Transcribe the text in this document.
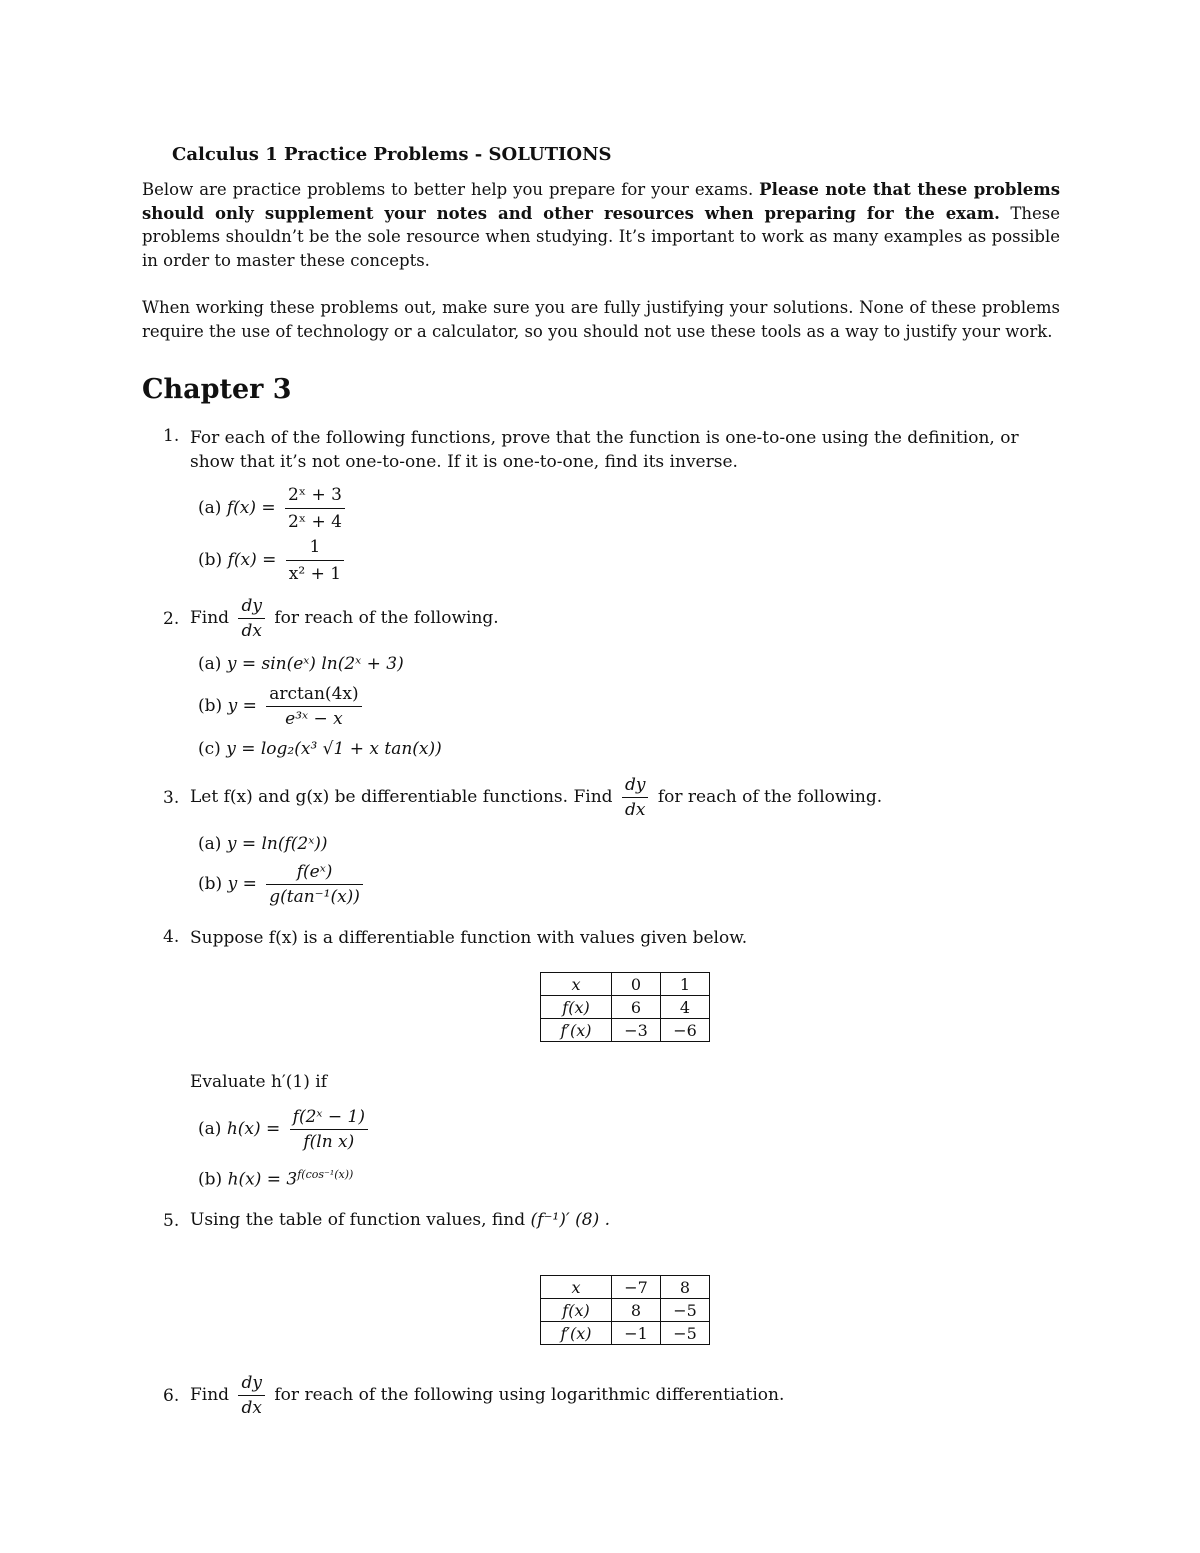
Calculus 1 Practice Problems - SOLUTIONS
Below are practice problems to better help you prepare for your exams. Please note that these problems should only supplement your notes and other resources when preparing for the exam. These problems shouldn’t be the sole resource when studying. It’s important to work as many examples as possible in order to master these concepts.
When working these problems out, make sure you are fully justifying your solutions. None of these problems require the use of technology or a calculator, so you should not use these tools as a way to justify your work.
Chapter 3
1. For each of the following functions, prove that the function is one-to-one using the definition, or show that it’s not one-to-one. If it is one-to-one, find its inverse.
(a) $f(x) = \frac{\text{2ˣ + 3}}{\text{2ˣ + 4}}$
(b) $f(x) = \frac{1}{\text{x² + 1}}$
2. Find $\frac{dy}{dx}$ for reach of the following.
(a) y = sin(eˣ) ln(2ˣ + 3)
(b) $y = \frac{\arctan(4x)}{\text{e³ˣ − x}}$
(c) y = log₂(x³ √1 + x tan(x))
3. Let f(x) and g(x) be differentiable functions. Find $\frac{dy}{dx}$ for reach of the following.
(a) y = ln(f(2ˣ))
(b) $y = \frac{\text{f(eˣ)}}{\text{g(tan⁻¹(x))}}$
4. Suppose f(x) is a differentiable function with values given below.
x	0	1
f(x)	6	4
f′(x)	−3	−6
Evaluate h′(1) if
(a) $h(x) = \frac{\text{f(2ˣ − 1)}}{\text{f(ln x)}}$
(b) $h(x) = 3^{f(cos^{-1}(x))}$
5. Using the table of function values, find (f⁻¹)′ (8) .
x	−7	8
f(x)	8	−5
f′(x)	−1	−5
6. Find $\frac{dy}{dx}$ for reach of the following using logarithmic differentiation.
